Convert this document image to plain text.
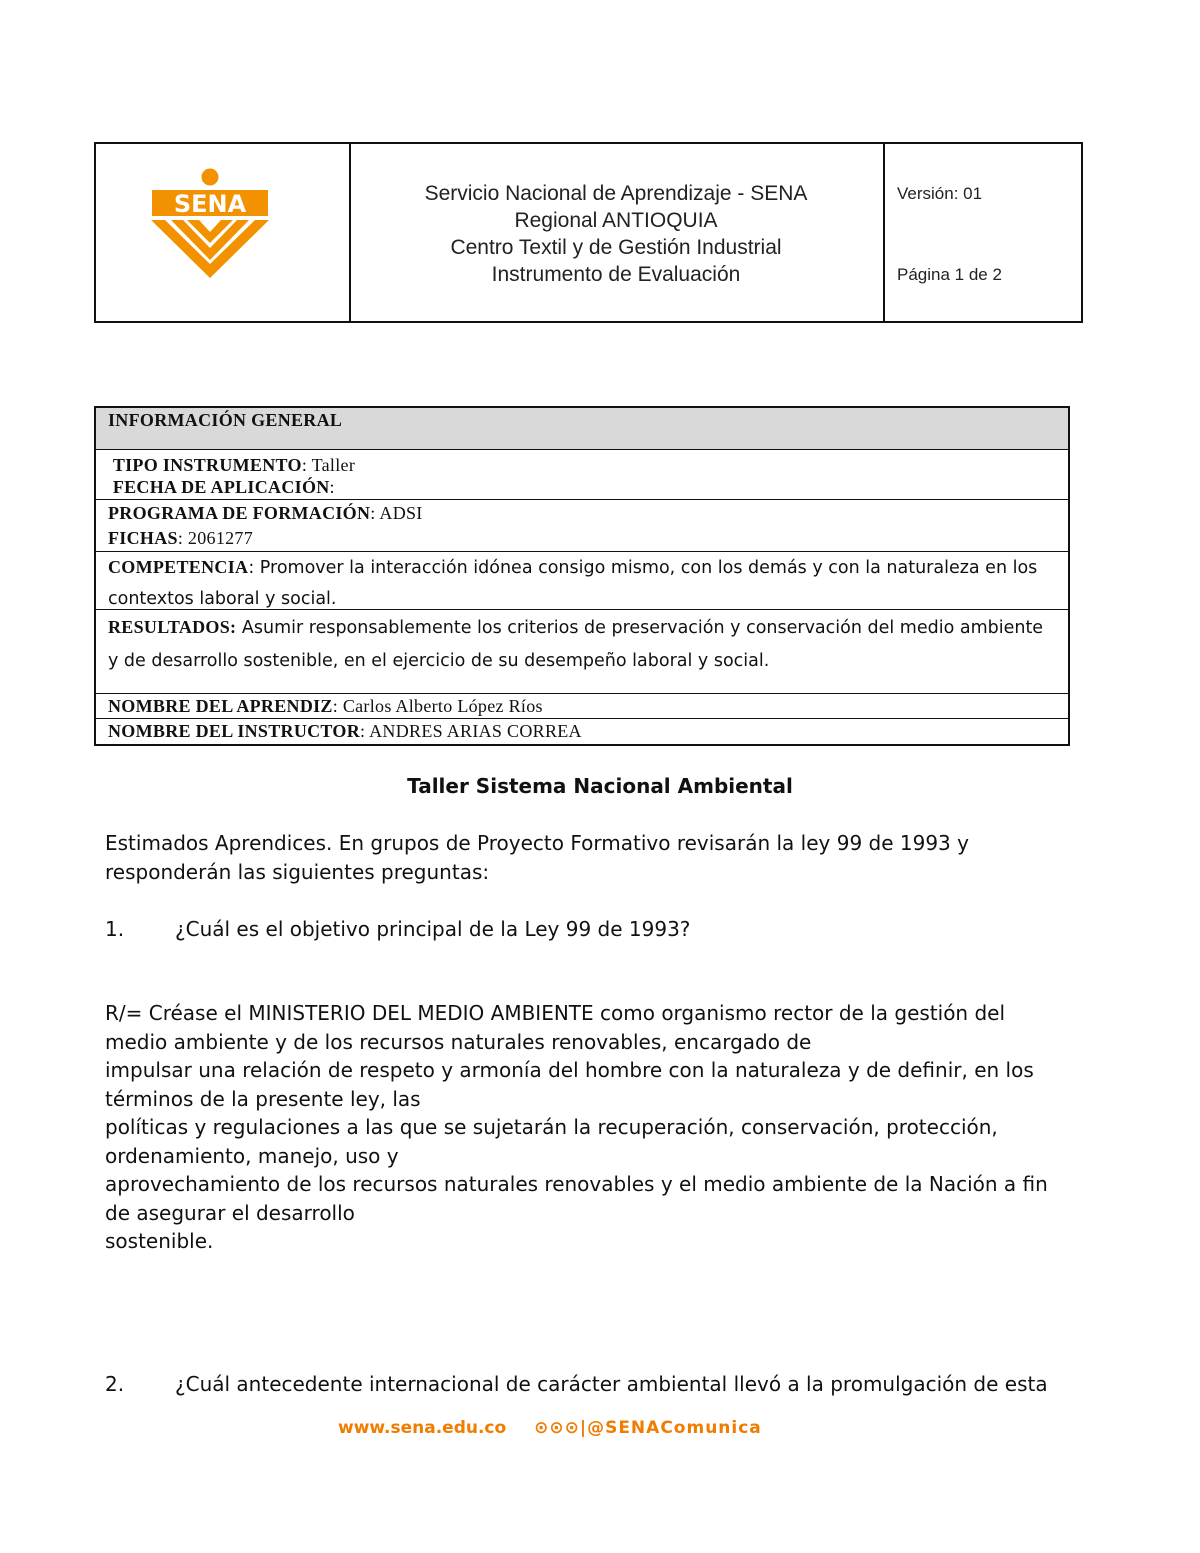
SENA	Servicio Nacional de Aprendizaje - SENA
Regional ANTIOQUIA
Centro Textil y de Gestión Industrial
Instrumento de Evaluación
Versión: 01
Página 1 de 2
INFORMACIÓN GENERAL
TIPO INSTRUMENTO: Taller
FECHA DE APLICACIÓN:
PROGRAMA DE FORMACIÓN: ADSI
FICHAS: 2061277
COMPETENCIA: Promover la interacción idónea consigo mismo, con los demás y con la naturaleza en los contextos laboral y social.
RESULTADOS: Asumir responsablemente los criterios de preservación y conservación del medio ambiente y de desarrollo sostenible, en el ejercicio de su desempeño laboral y social.
NOMBRE DEL APRENDIZ: Carlos Alberto López Ríos
NOMBRE DEL INSTRUCTOR: ANDRES ARIAS CORREA
Taller Sistema Nacional Ambiental
Estimados Aprendices. En grupos de Proyecto Formativo revisarán la ley 99 de 1993 y
responderán las siguientes preguntas:
1.	¿Cuál es el objetivo principal de la Ley 99 de 1993?
R/= Créase el MINISTERIO DEL MEDIO AMBIENTE como organismo rector de la gestión del
medio ambiente y de los recursos naturales renovables, encargado de
impulsar una relación de respeto y armonía del hombre con la naturaleza y de definir, en los
términos de la presente ley, las
políticas y regulaciones a las que se sujetarán la recuperación, conservación, protección,
ordenamiento, manejo, uso y
aprovechamiento de los recursos naturales renovables y el medio ambiente de la Nación a fin
de asegurar el desarrollo
sostenible.
2.	¿Cuál antecedente internacional de carácter ambiental llevó a la promulgación de esta
www.sena.edu.co ⊙⊙⊙|@SENAComunica
